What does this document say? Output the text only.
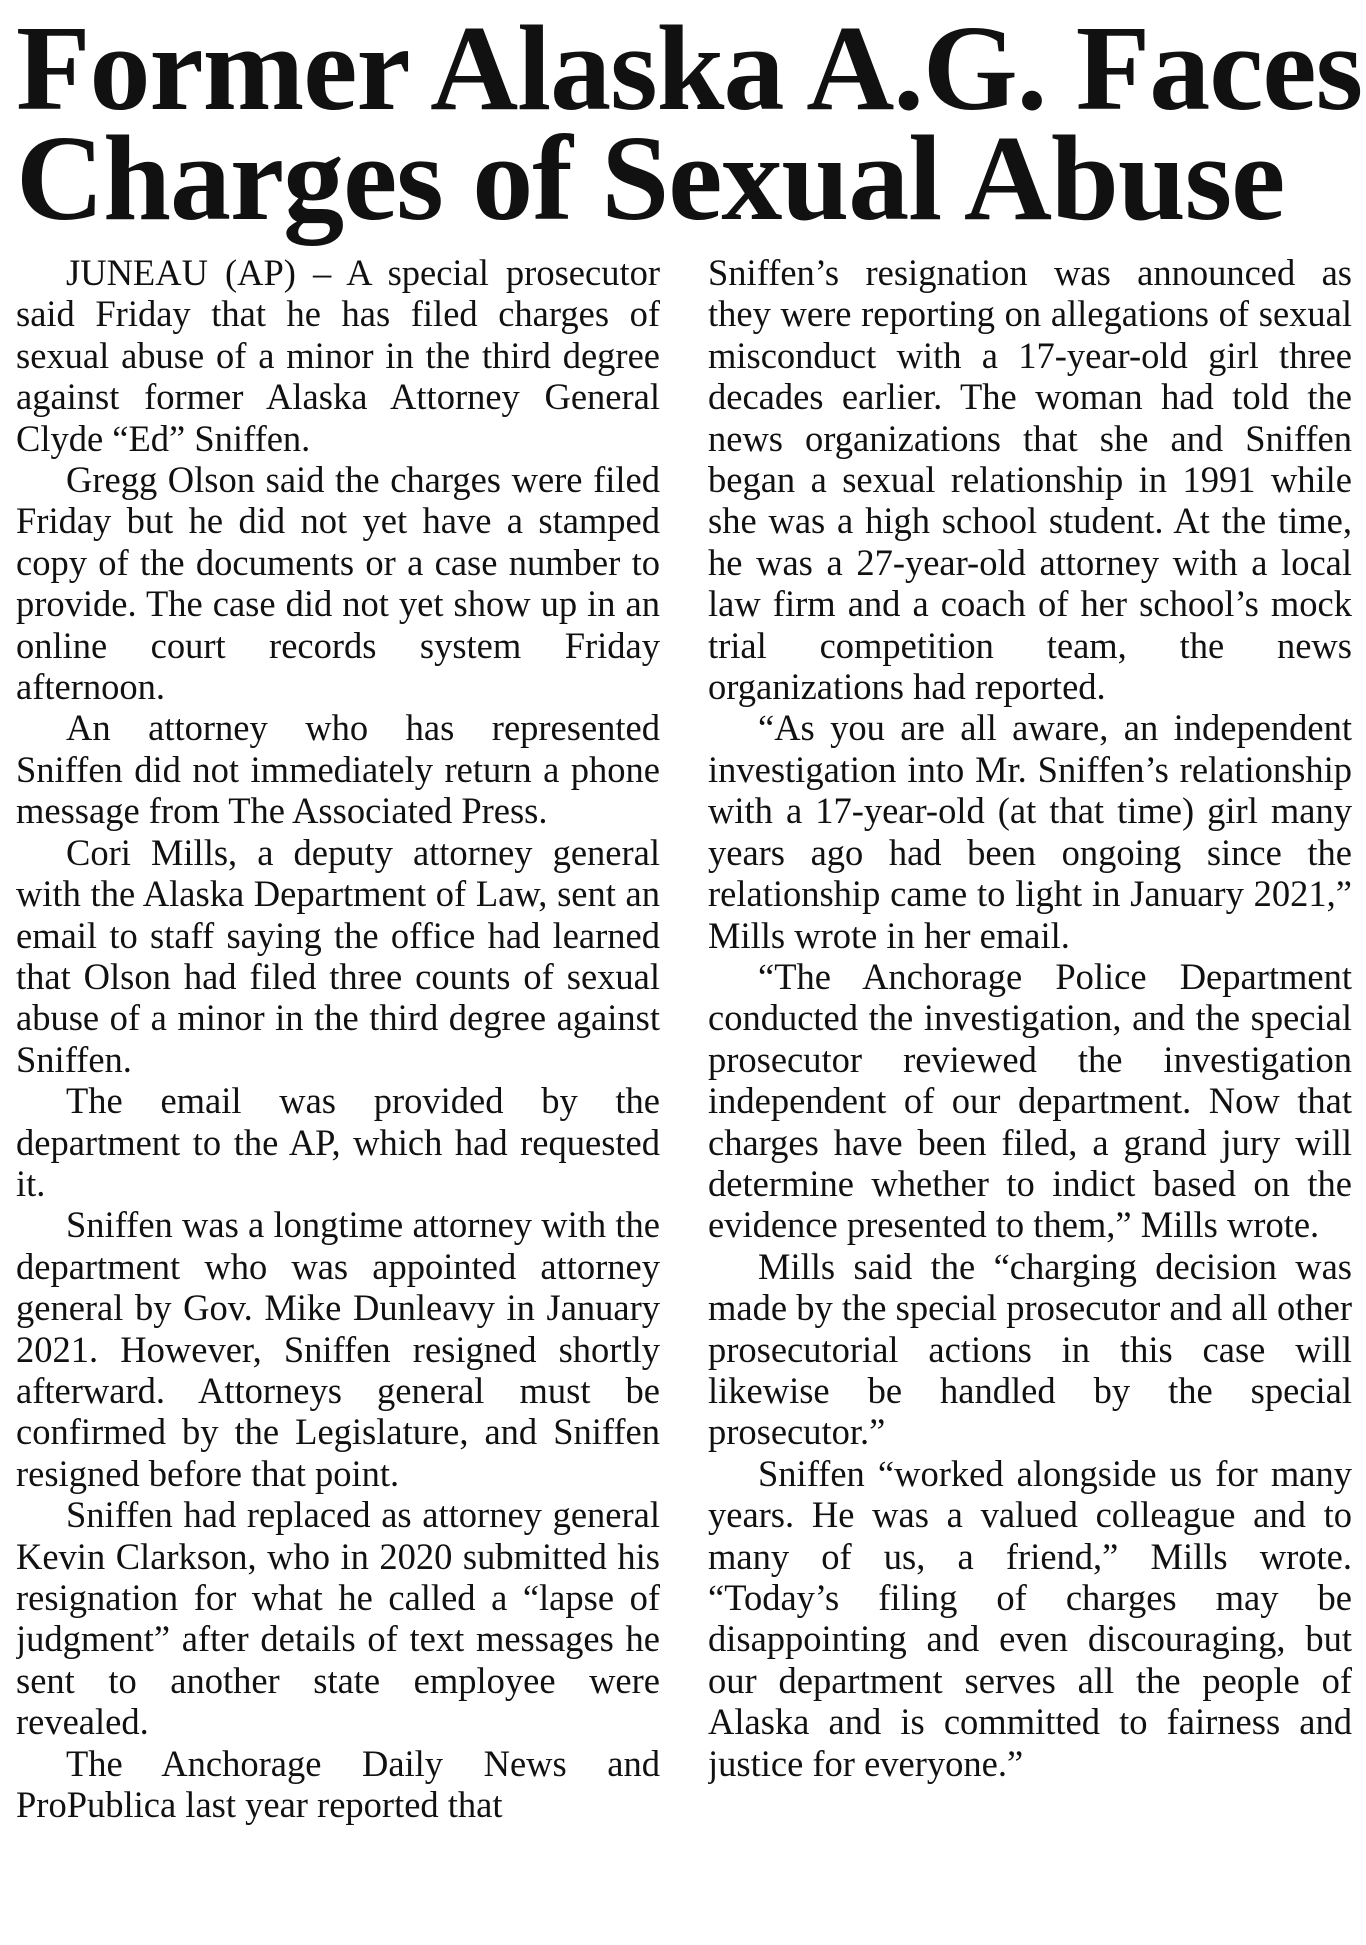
Former Alaska A.G. Faces
Charges of Sexual Abuse

JUNEAU (AP) – A special prosecutor said Friday that he has filed charges of sexual abuse of a minor in the third degree against former Alaska Attorney General Clyde “Ed” Sniffen.

Gregg Olson said the charges were filed Friday but he did not yet have a stamped copy of the documents or a case number to provide. The case did not yet show up in an online court records system Friday afternoon.

An attorney who has represented Sniffen did not immediately return a phone message from The Associated Press.

Cori Mills, a deputy attorney general with the Alaska Department of Law, sent an email to staff saying the office had learned that Olson had filed three counts of sexual abuse of a minor in the third degree against Sniffen.

The email was provided by the department to the AP, which had requested it.

Sniffen was a longtime attorney with the department who was appointed attorney general by Gov. Mike Dunleavy in January 2021. However, Sniffen resigned shortly afterward. Attorneys general must be confirmed by the Legislature, and Sniffen resigned before that point.

Sniffen had replaced as attorney general Kevin Clarkson, who in 2020 submitted his resignation for what he called a “lapse of judgment” after details of text messages he sent to another state employee were revealed.

The Anchorage Daily News and ProPublica last year reported that

Sniffen’s resignation was announced as they were reporting on allegations of sexual misconduct with a 17-year-old girl three decades earlier. The woman had told the news organizations that she and Sniffen began a sexual relationship in 1991 while she was a high school student. At the time, he was a 27-year-old attorney with a local law firm and a coach of her school’s mock trial competition team, the news organizations had reported.

“As you are all aware, an independent investigation into Mr. Sniffen’s relationship with a 17-year-old (at that time) girl many years ago had been ongoing since the relationship came to light in January 2021,” Mills wrote in her email.

“The Anchorage Police Department conducted the investigation, and the special prosecutor reviewed the investigation independent of our department. Now that charges have been filed, a grand jury will determine whether to indict based on the evidence presented to them,” Mills wrote.

Mills said the “charging decision was made by the special prosecutor and all other prosecutorial actions in this case will likewise be handled by the special prosecutor.”

Sniffen “worked alongside us for many years. He was a valued colleague and to many of us, a friend,” Mills wrote. “Today’s filing of charges may be disappointing and even discouraging, but our department serves all the people of Alaska and is committed to fairness and justice for everyone.”
